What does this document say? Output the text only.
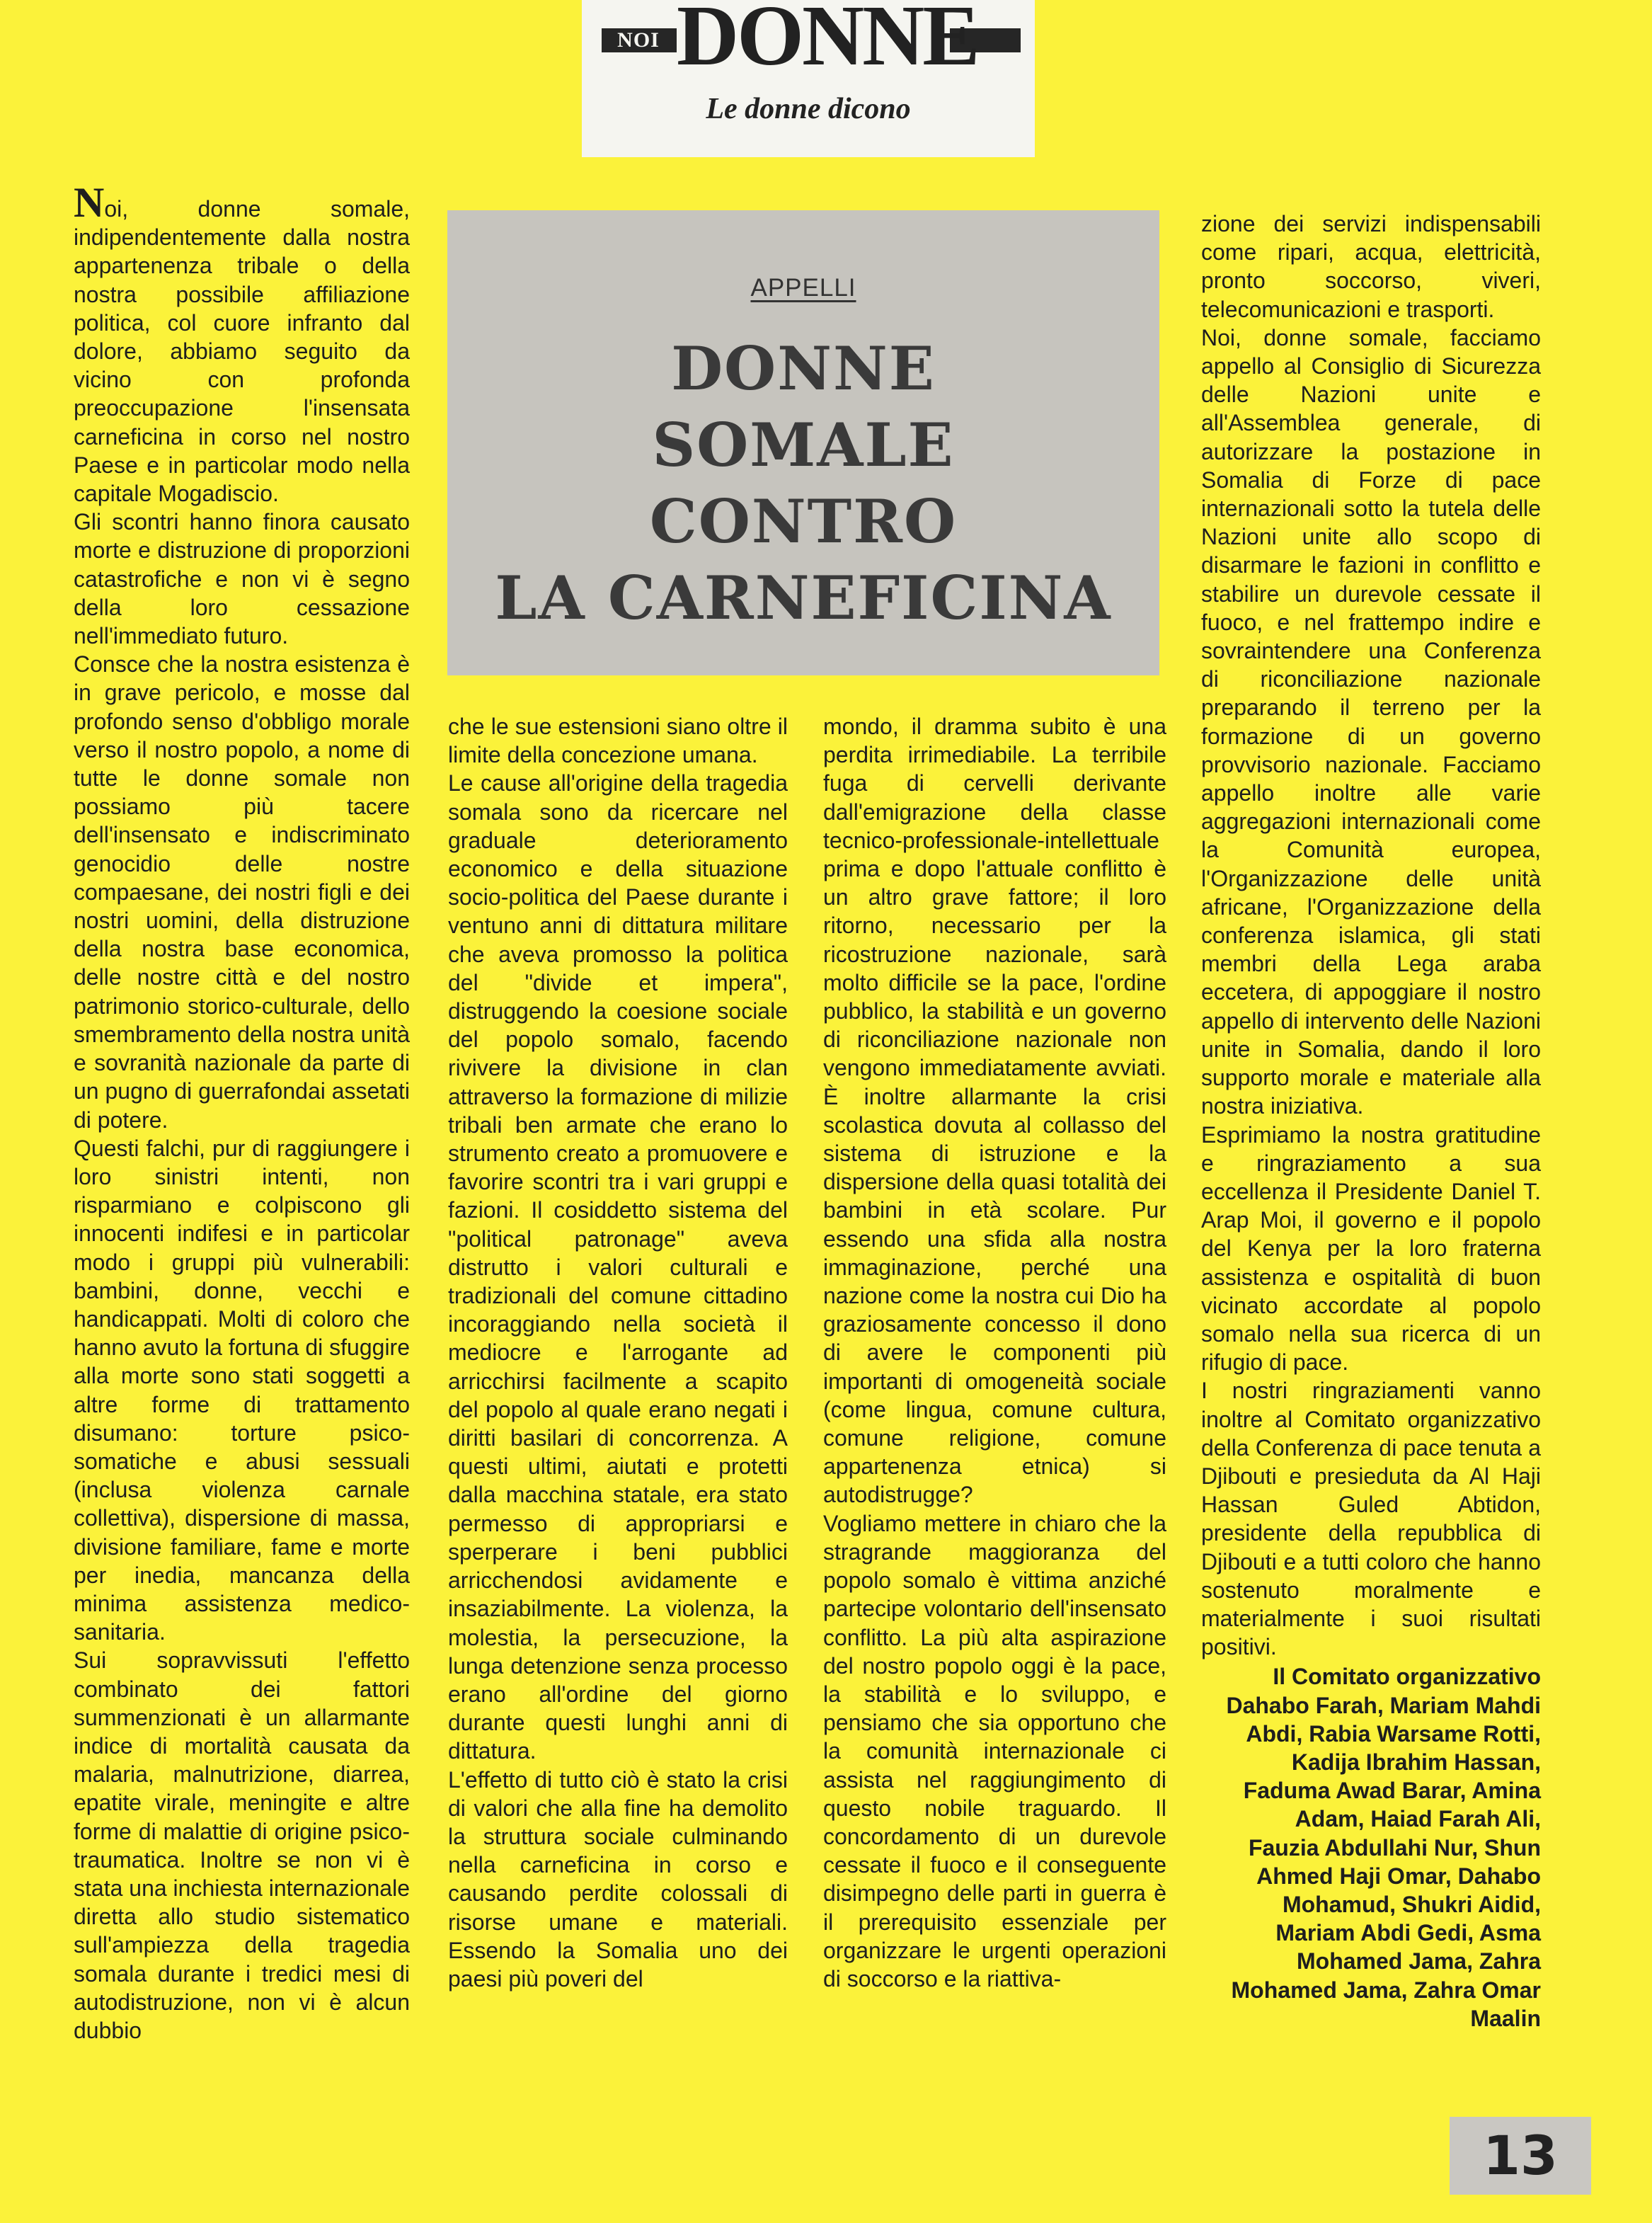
NOI DONNE
Le donne dicono
APPELLI
DONNE
SOMALE
CONTRO
LA CARNEFICINA

Noi, donne somale, indipendentemente dalla nostra appartenenza tribale o della nostra possibile affiliazione politica, col cuore infranto dal dolore, abbiamo seguito da vicino con profonda preoccupazione l'insensata carneficina in corso nel nostro Paese e in particolar modo nella capitale Mogadiscio.

Gli scontri hanno finora causato morte e distruzione di proporzioni catastrofiche e non vi è segno della loro cessazione nell'immediato futuro.

Consce che la nostra esistenza è in grave pericolo, e mosse dal profondo senso d'obbligo morale verso il nostro popolo, a nome di tutte le donne somale non possiamo più tacere dell'insensato e indiscriminato genocidio delle nostre compaesane, dei nostri figli e dei nostri uomini, della distruzione della nostra base economica, delle nostre città e del nostro patrimonio storico-culturale, dello smembramento della nostra unità e sovranità nazionale da parte di un pugno di guerrafondai assetati di potere.

Questi falchi, pur di raggiungere i loro sinistri intenti, non risparmiano e colpiscono gli innocenti indifesi e in particolar modo i gruppi più vulnerabili: bambini, donne, vecchi e handicappati. Molti di coloro che hanno avuto la fortuna di sfuggire alla morte sono stati soggetti a altre forme di trattamento disumano: torture psico-somatiche e abusi sessuali (inclusa violenza carnale collettiva), dispersione di massa, divisione familiare, fame e morte per inedia, mancanza della minima assistenza medico-sanitaria.

Sui sopravvissuti l'effetto combinato dei fattori summenzionati è un allarmante indice di mortalità causata da malaria, malnutrizione, diarrea, epatite virale, meningite e altre forme di malattie di origine psico-traumatica. Inoltre se non vi è stata una inchiesta internazionale diretta allo studio sistematico sull'ampiezza della tragedia somala durante i tredici mesi di autodistruzione, non vi è alcun dubbio

che le sue estensioni siano oltre il limite della concezione umana.

Le cause all'origine della tragedia somala sono da ricercare nel graduale deterioramento economico e della situazione socio-politica del Paese durante i ventuno anni di dittatura militare che aveva promosso la politica del "divide et impera", distruggendo la coesione sociale del popolo somalo, facendo rivivere la divisione in clan attraverso la formazione di milizie tribali ben armate che erano lo strumento creato a promuovere e favorire scontri tra i vari gruppi e fazioni. Il cosiddetto sistema del "political patronage" aveva distrutto i valori culturali e tradizionali del comune cittadino incoraggiando nella società il mediocre e l'arrogante ad arricchirsi facilmente a scapito del popolo al quale erano negati i diritti basilari di concorrenza. A questi ultimi, aiutati e protetti dalla macchina statale, era stato permesso di appropriarsi e sperperare i beni pubblici arricchendosi avidamente e insaziabilmente. La violenza, la molestia, la persecuzione, la lunga detenzione senza processo erano all'ordine del giorno durante questi lunghi anni di dittatura.

L'effetto di tutto ciò è stato la crisi di valori che alla fine ha demolito la struttura sociale culminando nella carneficina in corso e causando perdite colossali di risorse umane e materiali. Essendo la Somalia uno dei paesi più poveri del

mondo, il dramma subito è una perdita irrimediabile. La terribile fuga di cervelli derivante dall'emigrazione della classe tecnico-professionale-intellettuale prima e dopo l'attuale conflitto è un altro grave fattore; il loro ritorno, necessario per la ricostruzione nazionale, sarà molto difficile se la pace, l'ordine pubblico, la stabilità e un governo di riconciliazione nazionale non vengono immediatamente avviati. È inoltre allarmante la crisi scolastica dovuta al collasso del sistema di istruzione e la dispersione della quasi totalità dei bambini in età scolare. Pur essendo una sfida alla nostra immaginazione, perché una nazione come la nostra cui Dio ha graziosamente concesso il dono di avere le componenti più importanti di omogeneità sociale (come lingua, comune cultura, comune religione, comune appartenenza etnica) si autodistrugge?

Vogliamo mettere in chiaro che la stragrande maggioranza del popolo somalo è vittima anziché partecipe volontario dell'insensato conflitto. La più alta aspirazione del nostro popolo oggi è la pace, la stabilità e lo sviluppo, e pensiamo che sia opportuno che la comunità internazionale ci assista nel raggiungimento di questo nobile traguardo. Il concordamento di un durevole cessate il fuoco e il conseguente disimpegno delle parti in guerra è il prerequisito essenziale per organizzare le urgenti operazioni di soccorso e la riattiva-

zione dei servizi indispensabili come ripari, acqua, elettricità, pronto soccorso, viveri, telecomunicazioni e trasporti.

Noi, donne somale, facciamo appello al Consiglio di Sicurezza delle Nazioni unite e all'Assemblea generale, di autorizzare la postazione in Somalia di Forze di pace internazionali sotto la tutela delle Nazioni unite allo scopo di disarmare le fazioni in conflitto e stabilire un durevole cessate il fuoco, e nel frattempo indire e sovraintendere una Conferenza di riconciliazione nazionale preparando il terreno per la formazione di un governo provvisorio nazionale. Facciamo appello inoltre alle varie aggregazioni internazionali come la Comunità europea, l'Organizzazione delle unità africane, l'Organizzazione della conferenza islamica, gli stati membri della Lega araba eccetera, di appoggiare il nostro appello di intervento delle Nazioni unite in Somalia, dando il loro supporto morale e materiale alla nostra iniziativa.

Esprimiamo la nostra gratitudine e ringraziamento a sua eccellenza il Presidente Daniel T. Arap Moi, il governo e il popolo del Kenya per la loro fraterna assistenza e ospitalità di buon vicinato accordate al popolo somalo nella sua ricerca di un rifugio di pace.

I nostri ringraziamenti vanno inoltre al Comitato organizzativo della Conferenza di pace tenuta a Djibouti e presieduta da Al Haji Hassan Guled Abtidon, presidente della repubblica di Djibouti e a tutti coloro che hanno sostenuto moralmente e materialmente i suoi risultati positivi.

Il Comitato organizzativo

Dahabo Farah, Mariam Mahdi

Abdi, Rabia Warsame Rotti,

Kadija Ibrahim Hassan,

Faduma Awad Barar, Amina

Adam, Haiad Farah Ali,

Fauzia Abdullahi Nur, Shun

Ahmed Haji Omar, Dahabo

Mohamud, Shukri Aidid,

Mariam Abdi Gedi, Asma

Mohamed Jama, Zahra

Mohamed Jama, Zahra Omar

Maalin

13
